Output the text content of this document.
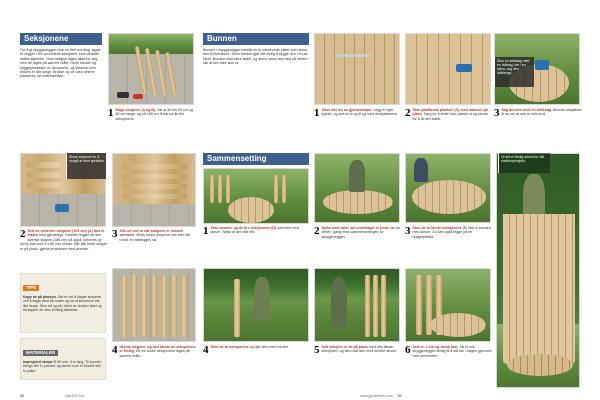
Seksjonene
For å gi skyggeveggen vine en flott run ding, lages et vegger i fire avrundede seksjoner, som deretter settes sammen. Hver seksjon lages altså for seg, men de lages på samme måte. Dens bredde og byggeprosessen er de samme, og skruene som brukes er like lange. Brukse og de ulike delene plasseres, se materialeliste.
1 Kapp stolpene (A og B), slik at de blir 60 cm og 80 cm lange, og så 180 cm til bar sa de fire seksjonene.
Skrue stolpene for å unngå at treet sprekker
2 Sett de nederste stolpene (105 cm) (A) fast til malen med gjerdeklyp. Deretter legger du den øverste stolpen (185 cm) på oppå, forbores og skrus fast med 5 x 80 mm skruer. Når alle korte stolper er på plass, gjenta prosessen med øverste.
3 Slik ser det ut når stolpene er skrudd sammen. Vindu bedre stolpene nus mer ute rundt, en fastlegges sik.
TIPS
Kapp de på plassen. Det er lurt å kappe stolpene ved å legge dem på malen og se at skrumene blir like lange. Skru ett og ett i taket av stolpen først og så kapper du dem til riktig størrelse.
MATERIALER
Impregnert stolpe Ø 80 mm, 3 m lang. Til bunnen trengs det 11 planker og skruer som er fordelt rett i to plater.
4 Gjenta stegene, og den første av seksjonene er ferdig. De tre andre seksjonene lages på samme måte.
Bunnen
Bunnen i skyggeveggen består av to sirkelrunde plater som skrus fast til hverandre. Dens bredde gjør det mulig å bygge den i et par timer. Bunnen skal være stabil, og derfor skrus den fast på midten slik at den ikke sklir ut.
1 Sikre det hel av gjerdestolper. Legg et eget stykke, og sett et ut og til og med dekkplankene. 2 Skru plattbrede planken (C) med mannen på plass. Sørg for å sette hver planke ut og skruer for å få den stabil.
Skru en stikksag med en hullsag, her i en skiva, sag den sidelengs.
3 Sag bunnen med en stikksag. Bunnen tilskjæres til du ser at den er helt rund.
Sammensetting
1 Skru bunnen og de fire seksjonene (D) sammen med skruer. Sjekk at det står rett.	2 Sjekk med vater om underlaget er jevnt, før du setter i gang med sammensettingen av skyggeveggen.	3 Skru de to første seksjonene (E) fast til bunnen med skruer. Du kan også legge på en dragerplanke.
4 Skru de to seksjonene og dytt dem med mindre.	5 Sett seksjon nr. to på plass med den første seksjonen, og skru fast den med mindre skruer. 6 Sett nr. 4 inn og skruk fast. Så er nok skyggeveggen ferdig til å stå ute i hagen gjennom hele sommeren.
Gi det et ferdig arbeid for ditt snekkerprosjekt.
88	GjørDet Selv	www.gjordetselv.com 89
